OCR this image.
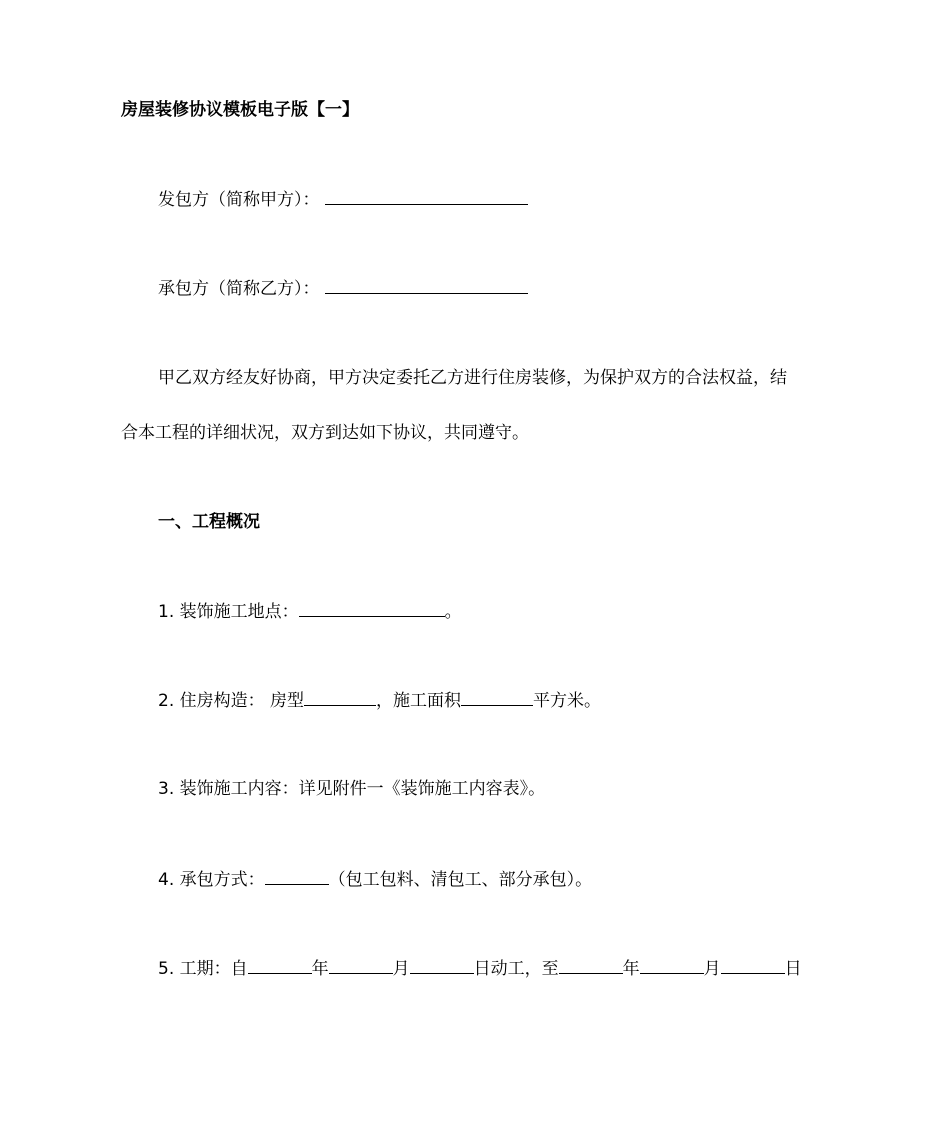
房屋装修协议模板电子版【一】
发包方（简称甲方）：
承包方（简称乙方）：
甲乙双方经友好协商，甲方决定委托乙方进行住房装修，为保护双方的合法权益，结
合本工程的详细状况，双方到达如下协议，共同遵守。
一、工程概况
1. 装饰施工地点：	。
2. 住房构造： 房型	，施工面积	平方米。
3. 装饰施工内容：详见附件一《装饰施工内容表》。
4. 承包方式：	（包工包料、清包工、部分承包）。
5. 工期：自	年	月	日动工，至	年	月	日
